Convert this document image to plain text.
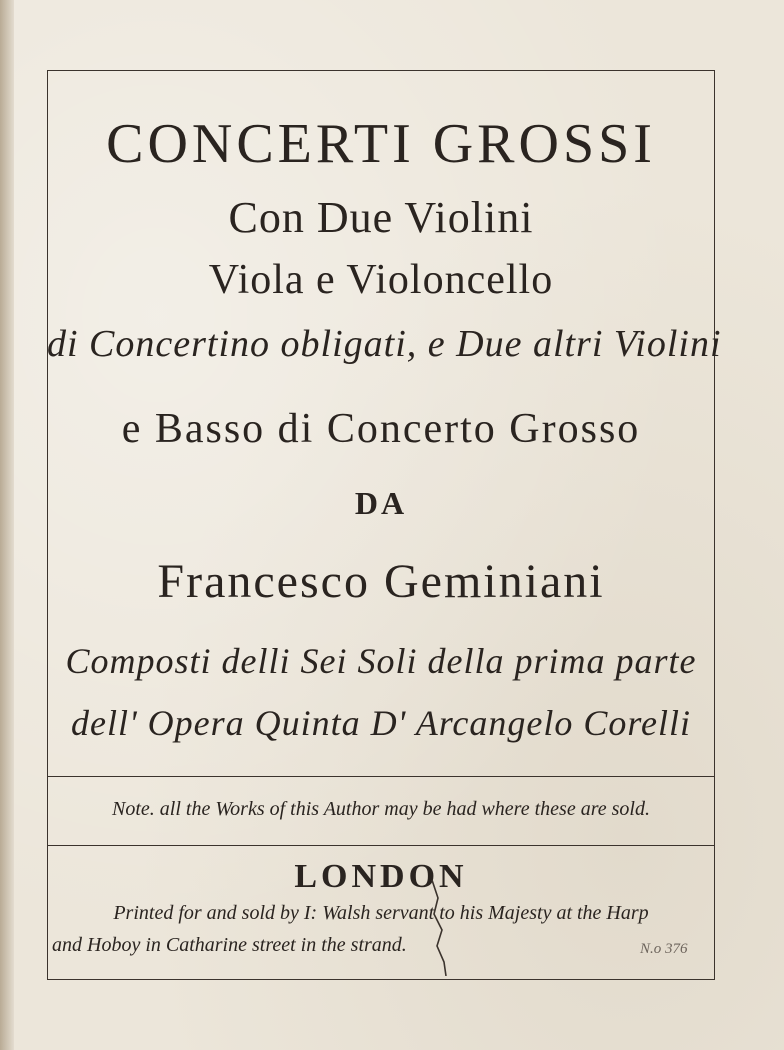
CONCERTI GROSSI
Con Due Violini
Viola e Violoncello
di Concertino obligati, e Due altri Violini
e Basso di Concerto Grosso
DA
Francesco Geminiani
Composti delli Sei Soli della prima parte
dell' Opera Quinta D' Arcangelo Corelli
Note. all the Works of this Author may be had where these are sold.
LONDON
Printed for and sold by I: Walsh servant to his Majesty at the Harp
and Hoboy in Catharine street in the strand.	N.o 376
